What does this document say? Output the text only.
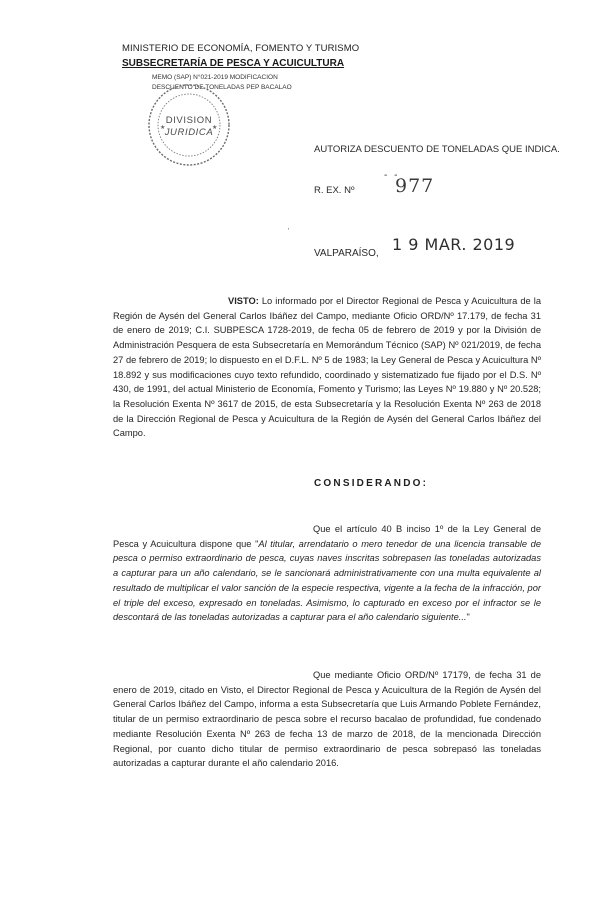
MINISTERIO DE ECONOMÍA, FOMENTO Y TURISMO
SUBSECRETARÍA DE PESCA Y ACUICULTURA
MEMO (SAP) N°021-2019 MODIFICACION
DESCUENTO DE TONELADAS PEP BACALAO
DIVISION
JURIDICA
★	★
AUTORIZA DESCUENTO DE TONELADAS QUE INDICA.
- -
R. EX. Nº 977
'
VALPARAÍSO, 1 9 MAR. 2019

VISTO: Lo informado por el Director Regional de Pesca y Acuicultura de la Región de Aysén del General Carlos Ibáñez del Campo, mediante Oficio ORD/Nº 17.179, de fecha 31 de enero de 2019; C.I. SUBPESCA 1728-2019, de fecha 05 de febrero de 2019 y por la División de Administración Pesquera de esta Subsecretaría en Memorándum Técnico (SAP) Nº 021/2019, de fecha 27 de febrero de 2019; lo dispuesto en el D.F.L. Nº 5 de 1983; la Ley General de Pesca y Acuicultura Nº 18.892 y sus modificaciones cuyo texto refundido, coordinado y sistematizado fue fijado por el D.S. Nº 430, de 1991, del actual Ministerio de Economía, Fomento y Turismo; las Leyes Nº 19.880 y Nº 20.528; la Resolución Exenta Nº 3617 de 2015, de esta Subsecretaría y la Resolución Exenta Nº 263 de 2018 de la Dirección Regional de Pesca y Acuicultura de la Región de Aysén del General Carlos Ibáñez del Campo.

CONSIDERANDO:

Que el artículo 40 B inciso 1º de la Ley General de Pesca y Acuicultura dispone que "Al titular, arrendatario o mero tenedor de una licencia transable de pesca o permiso extraordinario de pesca, cuyas naves inscritas sobrepasen las toneladas autorizadas a capturar para un año calendario, se le sancionará administrativamente con una multa equivalente al resultado de multiplicar el valor sanción de la especie respectiva, vigente a la fecha de la infracción, por el triple del exceso, expresado en toneladas. Asimismo, lo capturado en exceso por el infractor se le descontará de las toneladas autorizadas a capturar para el año calendario siguiente..."

Que mediante Oficio ORD/Nº 17179, de fecha 31 de enero de 2019, citado en Visto, el Director Regional de Pesca y Acuicultura de la Región de Aysén del General Carlos Ibáñez del Campo, informa a esta Subsecretaría que Luis Armando Poblete Fernández, titular de un permiso extraordinario de pesca sobre el recurso bacalao de profundidad, fue condenado mediante Resolución Exenta Nº 263 de fecha 13 de marzo de 2018, de la mencionada Dirección Regional, por cuanto dicho titular de permiso extraordinario de pesca sobrepasó las toneladas autorizadas a capturar durante el año calendario 2016.
